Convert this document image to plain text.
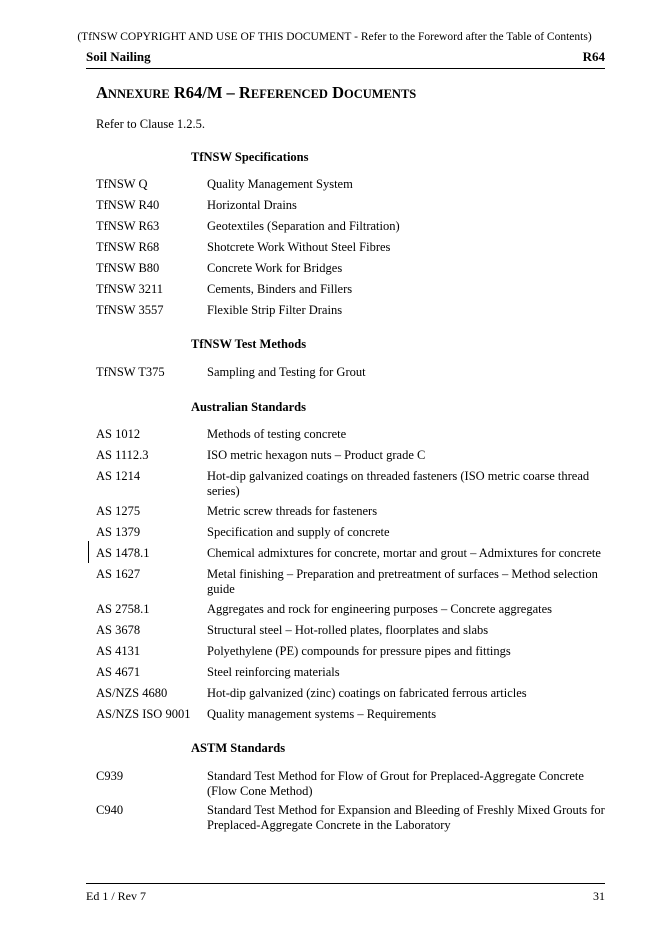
(TfNSW COPYRIGHT AND USE OF THIS DOCUMENT - Refer to the Foreword after the Table of Contents)
Soil Nailing	R64
ANNEXURE R64/M – REFERENCED DOCUMENTS
Refer to Clause 1.2.5.
TfNSW Specifications
TfNSW Q	Quality Management System
TfNSW R40	Horizontal Drains
TfNSW R63	Geotextiles (Separation and Filtration)
TfNSW R68	Shotcrete Work Without Steel Fibres
TfNSW B80	Concrete Work for Bridges
TfNSW 3211	Cements, Binders and Fillers
TfNSW 3557	Flexible Strip Filter Drains
TfNSW Test Methods
TfNSW T375	Sampling and Testing for Grout
Australian Standards
AS 1012	Methods of testing concrete
AS 1112.3	ISO metric hexagon nuts – Product grade C
AS 1214	Hot-dip galvanized coatings on threaded fasteners (ISO metric coarse thread series)
AS 1275	Metric screw threads for fasteners
AS 1379	Specification and supply of concrete
AS 1478.1	Chemical admixtures for concrete, mortar and grout – Admixtures for concrete
AS 1627	Metal finishing – Preparation and pretreatment of surfaces – Method selection guide
AS 2758.1	Aggregates and rock for engineering purposes – Concrete aggregates
AS 3678	Structural steel – Hot-rolled plates, floorplates and slabs
AS 4131	Polyethylene (PE) compounds for pressure pipes and fittings
AS 4671	Steel reinforcing materials
AS/NZS 4680	Hot-dip galvanized (zinc) coatings on fabricated ferrous articles
AS/NZS ISO 9001	Quality management systems – Requirements
ASTM Standards
C939	Standard Test Method for Flow of Grout for Preplaced-Aggregate Concrete (Flow Cone Method)
C940	Standard Test Method for Expansion and Bleeding of Freshly Mixed Grouts for Preplaced-Aggregate Concrete in the Laboratory
Ed 1 / Rev 7	31
